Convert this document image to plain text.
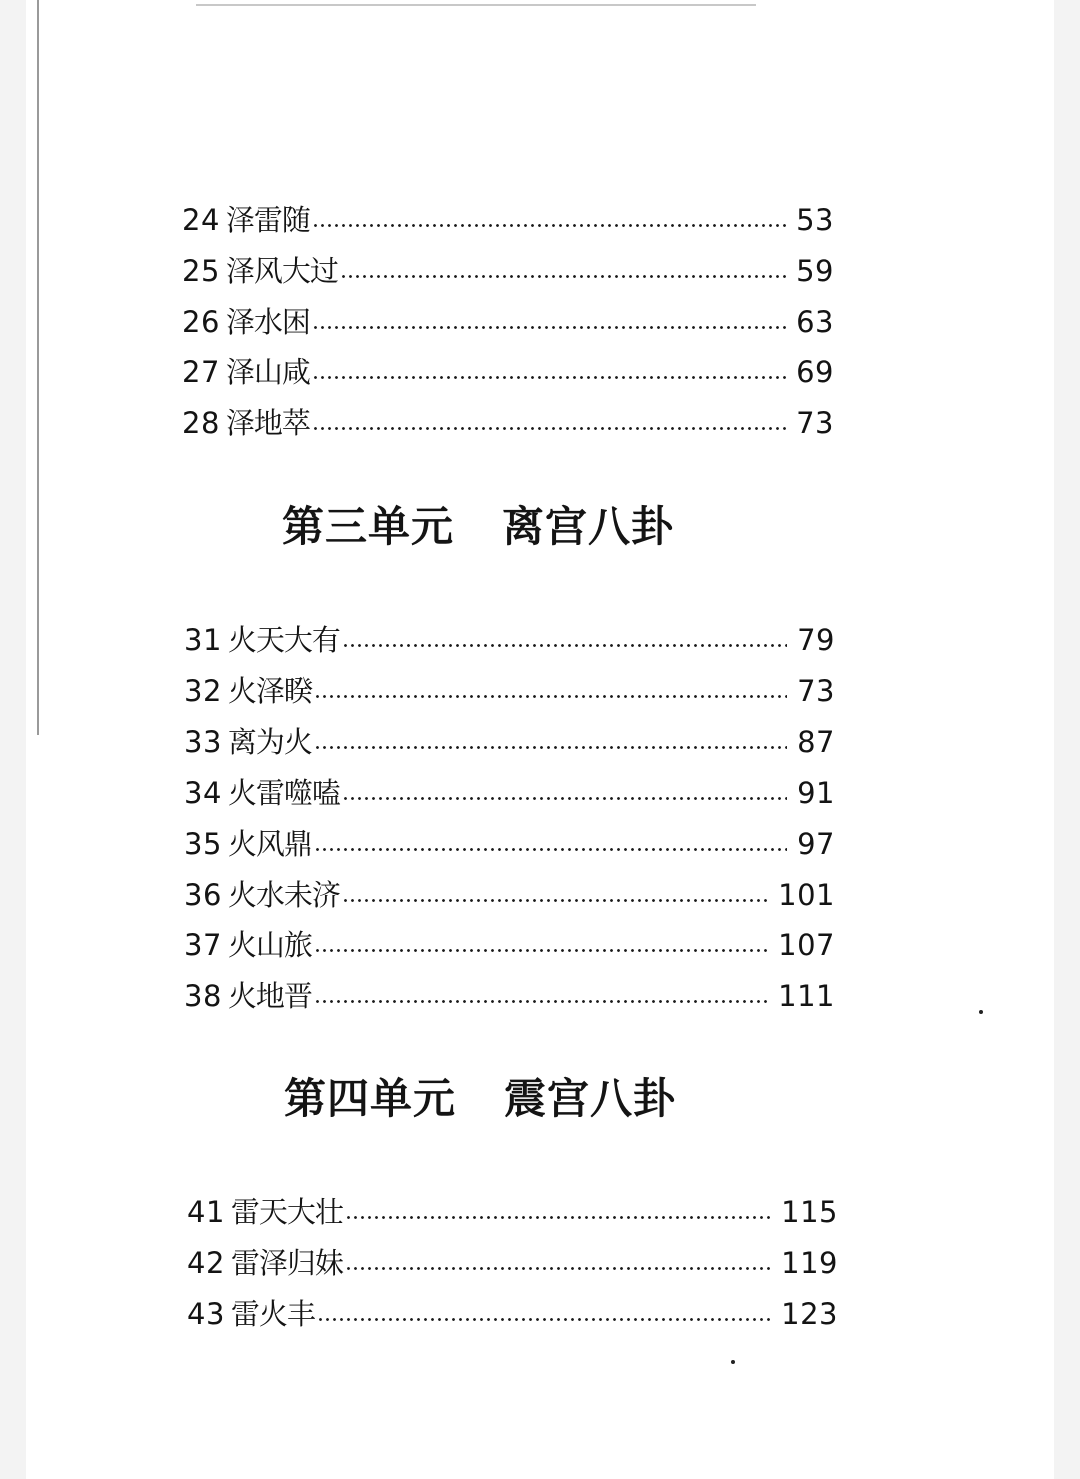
24 泽雷随	53
25 泽风大过	59
26 泽水困	63
27 泽山咸	69
28 泽地萃	73
第三单元 离宫八卦
31 火天大有	79
32 火泽睽	73
33 离为火	87
34 火雷噬嗑	91
35 火风鼎	97
36 火水未济	101
37 火山旅	107
38 火地晋	111
第四单元 震宫八卦
41 雷天大壮	115
42 雷泽归妹	119
43 雷火丰	123
